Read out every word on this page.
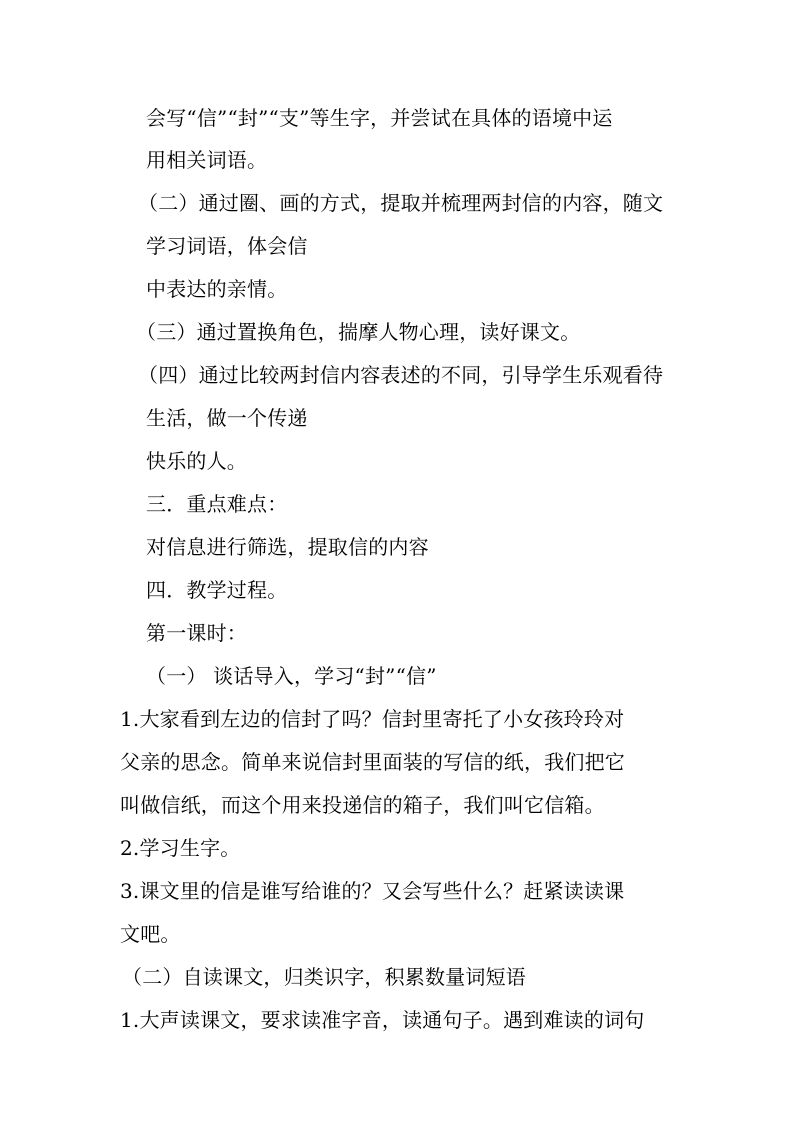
会写“信”“封”“支”等生字，并尝试在具体的语境中运
用相关词语。
（二）通过圈、画的方式，提取并梳理两封信的内容，随文
学习词语，体会信
中表达的亲情。
（三）通过置换角色，揣摩人物心理，读好课文。
（四）通过比较两封信内容表述的不同，引导学生乐观看待
生活，做一个传递
快乐的人。
三．重点难点：
对信息进行筛选，提取信的内容
四．教学过程。
第一课时：
（一） 谈话导入，学习“封”“信”
1.大家看到左边的信封了吗？信封里寄托了小女孩玲玲对
父亲的思念。简单来说信封里面装的写信的纸，我们把它
叫做信纸，而这个用来投递信的箱子，我们叫它信箱。
2.学习生字。
3.课文里的信是谁写给谁的？又会写些什么？赶紧读读课
文吧。
（二）自读课文，归类识字，积累数量词短语
1.大声读课文，要求读准字音，读通句子。遇到难读的词句
